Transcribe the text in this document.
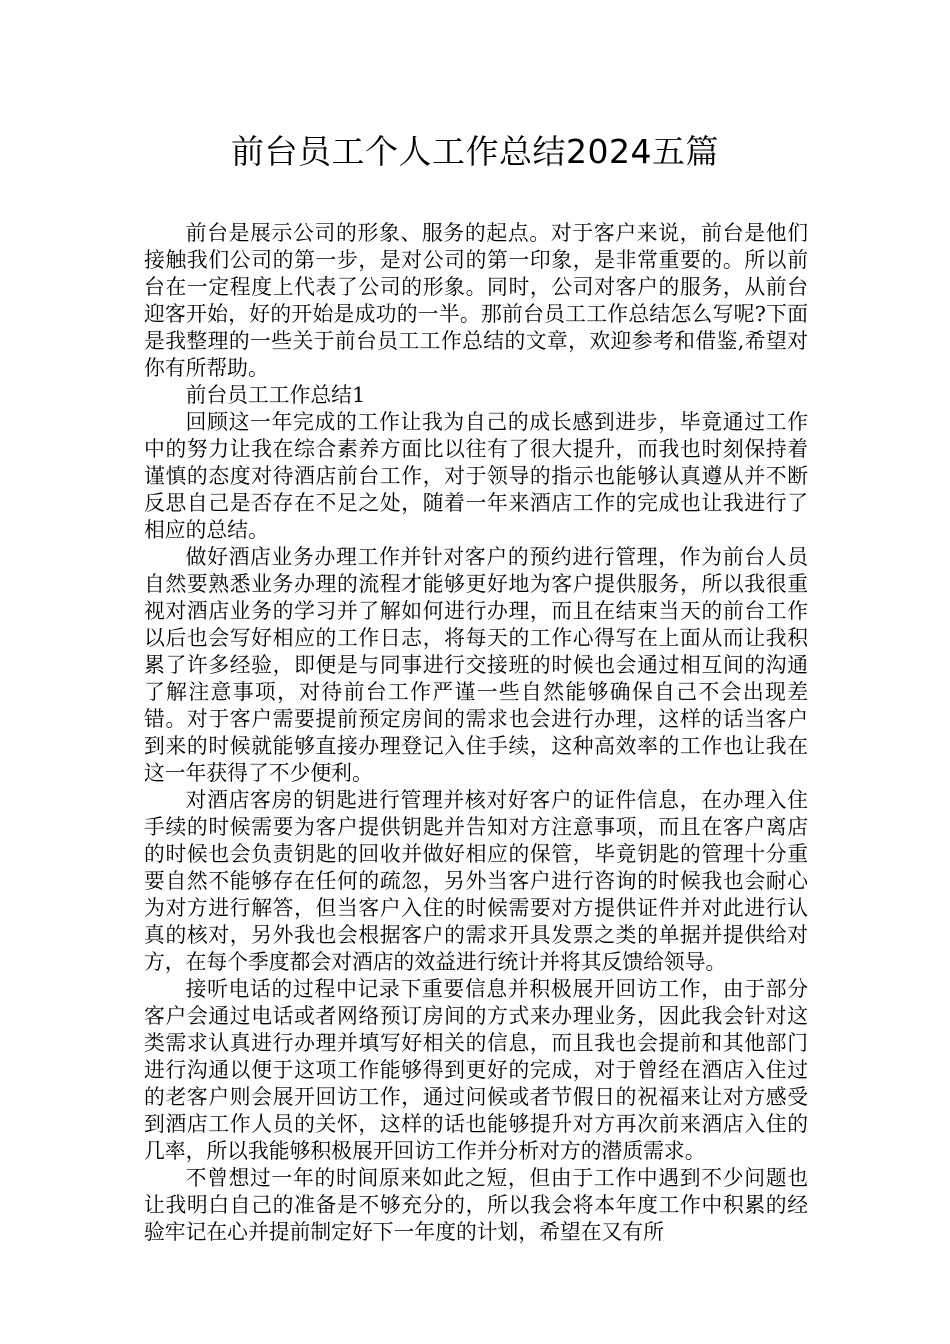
前台员工个人工作总结2024五篇

前台是展示公司的形象、服务的起点。对于客户来说，前台是他们接触我们公司的第一步，是对公司的第一印象，是非常重要的。所以前台在一定程度上代表了公司的形象。同时，公司对客户的服务，从前台迎客开始，好的开始是成功的一半。那前台员工工作总结怎么写呢?下面是我整理的一些关于前台员工工作总结的文章，欢迎参考和借鉴,希望对你有所帮助。

前台员工工作总结1

回顾这一年完成的工作让我为自己的成长感到进步，毕竟通过工作中的努力让我在综合素养方面比以往有了很大提升，而我也时刻保持着谨慎的态度对待酒店前台工作，对于领导的指示也能够认真遵从并不断反思自己是否存在不足之处，随着一年来酒店工作的完成也让我进行了相应的总结。

做好酒店业务办理工作并针对客户的预约进行管理，作为前台人员自然要熟悉业务办理的流程才能够更好地为客户提供服务，所以我很重视对酒店业务的学习并了解如何进行办理，而且在结束当天的前台工作以后也会写好相应的工作日志，将每天的工作心得写在上面从而让我积累了许多经验，即便是与同事进行交接班的时候也会通过相互间的沟通了解注意事项，对待前台工作严谨一些自然能够确保自己不会出现差错。对于客户需要提前预定房间的需求也会进行办理，这样的话当客户到来的时候就能够直接办理登记入住手续，这种高效率的工作也让我在这一年获得了不少便利。

对酒店客房的钥匙进行管理并核对好客户的证件信息，在办理入住手续的时候需要为客户提供钥匙并告知对方注意事项，而且在客户离店的时候也会负责钥匙的回收并做好相应的保管，毕竟钥匙的管理十分重要自然不能够存在任何的疏忽，另外当客户进行咨询的时候我也会耐心为对方进行解答，但当客户入住的时候需要对方提供证件并对此进行认真的核对，另外我也会根据客户的需求开具发票之类的单据并提供给对方，在每个季度都会对酒店的效益进行统计并将其反馈给领导。

接听电话的过程中记录下重要信息并积极展开回访工作，由于部分客户会通过电话或者网络预订房间的方式来办理业务，因此我会针对这类需求认真进行办理并填写好相关的信息，而且我也会提前和其他部门进行沟通以便于这项工作能够得到更好的完成，对于曾经在酒店入住过的老客户则会展开回访工作，通过问候或者节假日的祝福来让对方感受到酒店工作人员的关怀，这样的话也能够提升对方再次前来酒店入住的几率，所以我能够积极展开回访工作并分析对方的潜质需求。

不曾想过一年的时间原来如此之短，但由于工作中遇到不少问题也让我明白自己的准备是不够充分的，所以我会将本年度工作中积累的经验牢记在心并提前制定好下一年度的计划，希望在又有所
